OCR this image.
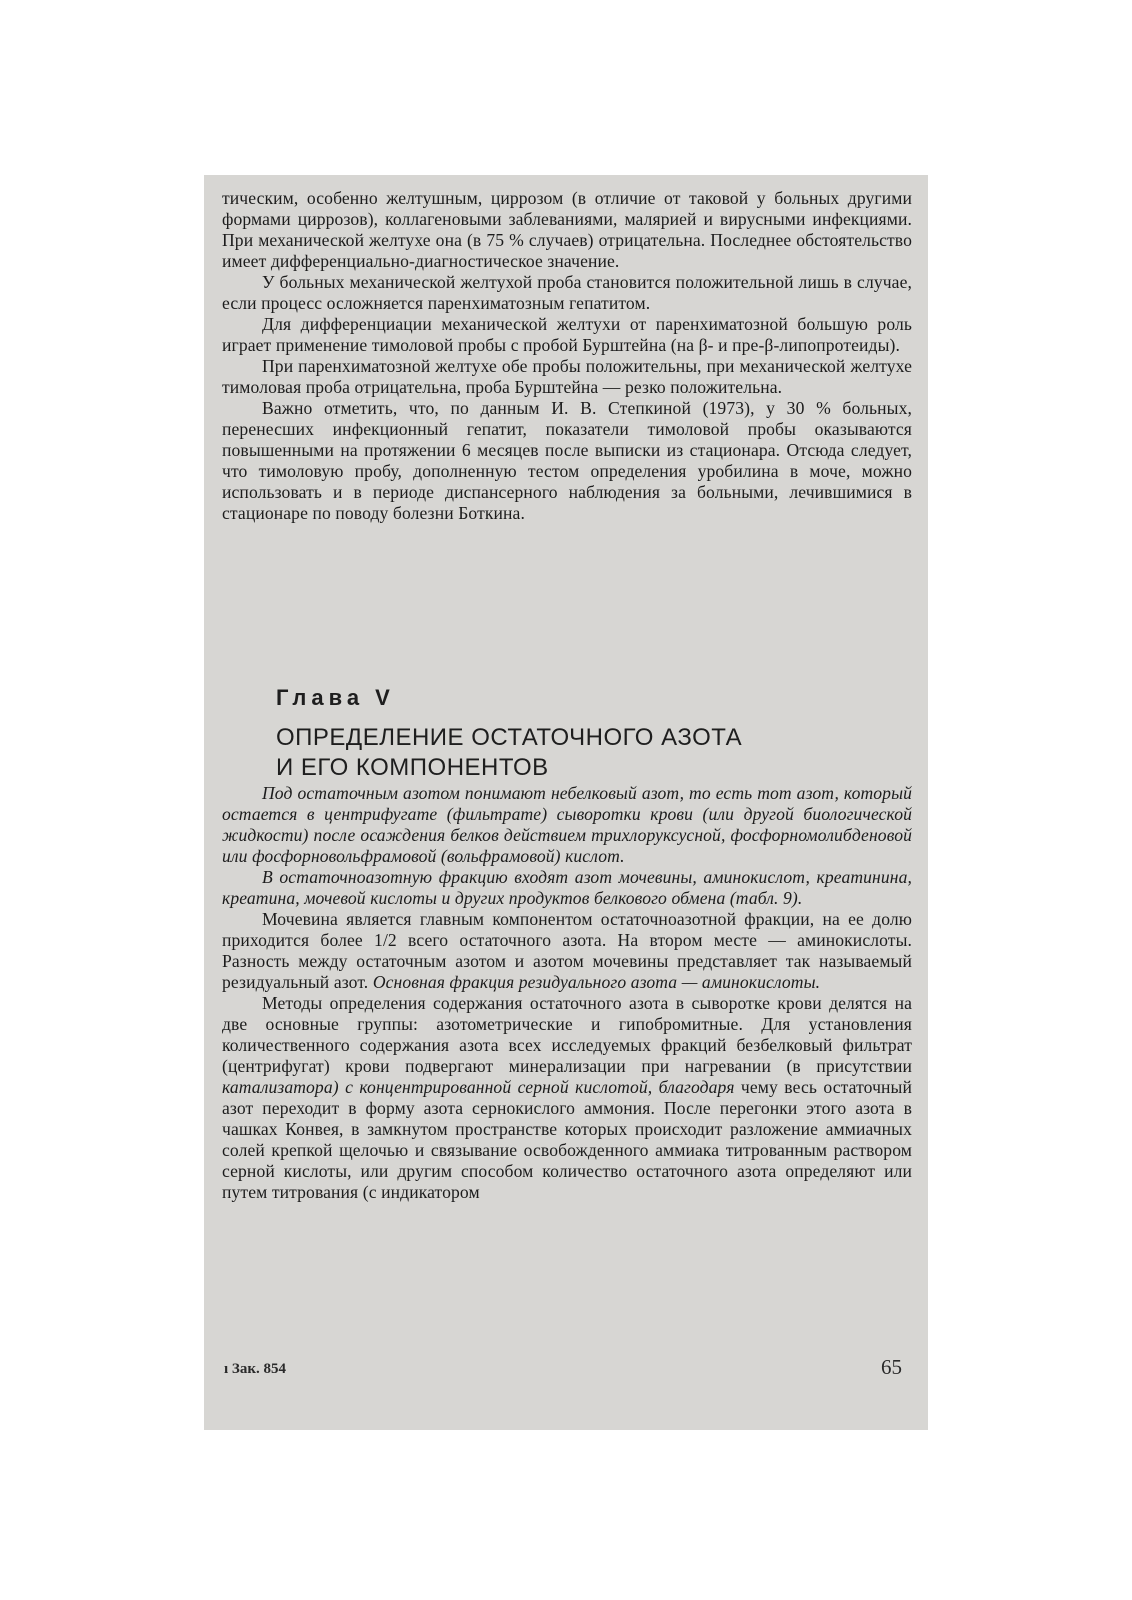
тическим, особенно желтушным, циррозом (в отличие от таковой у больных другими формами циррозов), коллагеновыми заблеваниями, малярией и вирусными инфекциями. При механической желтухе она (в 75 % случаев) отрицательна. Последнее обстоятельство имеет дифференциально-диагностическое значение.

У больных механической желтухой проба становится положительной лишь в случае, если процесс осложняется паренхиматозным гепатитом.

Для дифференциации механической желтухи от паренхиматозной большую роль играет применение тимоловой пробы с пробой Бурштейна (на β- и пре-β-липопротеиды).

При паренхиматозной желтухе обе пробы положительны, при механической желтухе тимоловая проба отрицательна, проба Бурштейна — резко положительна.

Важно отметить, что, по данным И. В. Степкиной (1973), у 30 % больных, перенесших инфекционный гепатит, показатели тимоловой пробы оказываются повышенными на протяжении 6 месяцев после выписки из стационара. Отсюда следует, что тимоловую пробу, дополненную тестом определения уробилина в моче, можно использовать и в периоде диспансерного наблюдения за больными, лечившимися в стационаре по поводу болезни Боткина.

Глава V
ОПРЕДЕЛЕНИЕ ОСТАТОЧНОГО АЗОТА
И ЕГО КОМПОНЕНТОВ

Под остаточным азотом понимают небелковый азот, то есть тот азот, который остается в центрифугате (фильтрате) сыворотки крови (или другой биологической жидкости) после осаждения белков действием трихлоруксусной, фосфорномолибденовой или фосфорновольфрамовой (вольфрамовой) кислот.

В остаточноазотную фракцию входят азот мочевины, аминокислот, креатинина, креатина, мочевой кислоты и других продуктов белкового обмена (табл. 9).

Мочевина является главным компонентом остаточноазотной фракции, на ее долю приходится более 1/2 всего остаточного азота. На втором месте — аминокислоты. Разность между остаточным азотом и азотом мочевины представляет так называемый резидуальный азот. Основная фракция резидуального азота — аминокислоты.

Методы определения содержания остаточного азота в сыворотке крови делятся на две основные группы: азотометрические и гипобромитные. Для установления количественного содержания азота всех исследуемых фракций безбелковый фильтрат (центрифугат) крови подвергают минерализации при нагревании (в присутствии катализатора) с концентрированной серной кислотой, благодаря чему весь остаточный азот переходит в форму азота сернокислого аммония. После перегонки этого азота в чашках Конвея, в замкнутом пространстве которых происходит разложение аммиачных солей крепкой щелочью и связывание освобожденного аммиака титрованным раствором серной кислоты, или другим способом количество остаточного азота определяют или путем титрования (с индикатором

ı Зак. 854	65
